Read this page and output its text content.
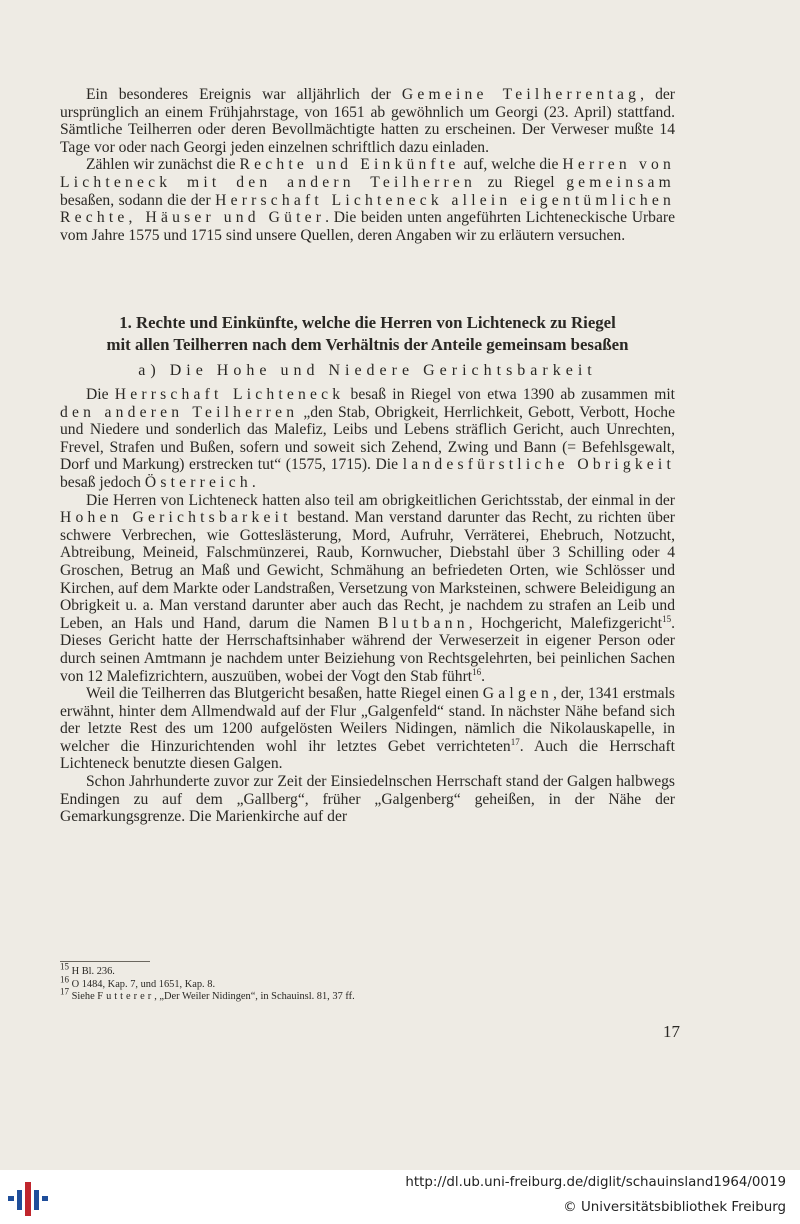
Ein besonderes Ereignis war alljährlich der Gemeine Teilherrentag, der ursprünglich an einem Frühjahrstage, von 1651 ab gewöhnlich um Georgi (23. April) stattfand. Sämtliche Teilherren oder deren Bevollmächtigte hatten zu erscheinen. Der Verweser mußte 14 Tage vor oder nach Georgi jeden einzelnen schriftlich dazu einladen.

Zählen wir zunächst die Rechte und Einkünfte auf, welche die Herren von Lichteneck mit den andern Teilherren zu Riegel gemeinsam besaßen, sodann die der Herrschaft Lichteneck allein eigentümlichen Rechte, Häuser und Güter. Die beiden unten angeführten Lichteneckische Urbare vom Jahre 1575 und 1715 sind unsere Quellen, deren Angaben wir zu erläutern versuchen.

1. Rechte und Einkünfte, welche die Herren von Lichteneck zu Riegel

mit allen Teilherren nach dem Verhältnis der Anteile gemeinsam besaßen

a) Die Hohe und Niedere Gerichtsbarkeit

Die Herrschaft Lichteneck besaß in Riegel von etwa 1390 ab zusammen mit den anderen Teilherren „den Stab, Obrigkeit, Herrlichkeit, Gebott, Verbott, Hoche und Niedere und sonderlich das Malefiz, Leibs und Lebens sträflich Gericht, auch Unrechten, Frevel, Strafen und Bußen, sofern und soweit sich Zehend, Zwing und Bann (= Befehlsgewalt, Dorf und Markung) erstrecken tut“ (1575, 1715). Die landesfürstliche Obrigkeit besaß jedoch Österreich.

Die Herren von Lichteneck hatten also teil am obrigkeitlichen Gerichtsstab, der einmal in der Hohen Gerichtsbarkeit bestand. Man verstand darunter das Recht, zu richten über schwere Verbrechen, wie Gotteslästerung, Mord, Aufruhr, Verräterei, Ehebruch, Notzucht, Abtreibung, Meineid, Falschmünzerei, Raub, Kornwucher, Diebstahl über 3 Schilling oder 4 Groschen, Betrug an Maß und Gewicht, Schmähung an befriedeten Orten, wie Schlösser und Kirchen, auf dem Markte oder Landstraßen, Versetzung von Marksteinen, schwere Beleidigung an Obrigkeit u. a. Man verstand darunter aber auch das Recht, je nachdem zu strafen an Leib und Leben, an Hals und Hand, darum die Namen Blutbann, Hochgericht, Malefizgericht$^{15}$. Dieses Gericht hatte der Herrschaftsinhaber während der Verweserzeit in eigener Person oder durch seinen Amtmann je nachdem unter Beiziehung von Rechtsgelehrten, bei peinlichen Sachen von 12 Malefizrichtern, auszuüben, wobei der Vogt den Stab führt$^{16}$.

Weil die Teilherren das Blutgericht besaßen, hatte Riegel einen Galgen, der, 1341 erstmals erwähnt, hinter dem Allmendwald auf der Flur „Galgenfeld“ stand. In nächster Nähe befand sich der letzte Rest des um 1200 aufgelösten Weilers Nidingen, nämlich die Nikolauskapelle, in welcher die Hinzurichtenden wohl ihr letztes Gebet verrichteten$^{17}$. Auch die Herrschaft Lichteneck benutzte diesen Galgen.

Schon Jahrhunderte zuvor zur Zeit der Einsiedelnschen Herrschaft stand der Galgen halbwegs Endingen zu auf dem „Gallberg“, früher „Galgenberg“ geheißen, in der Nähe der Gemarkungsgrenze. Die Marienkirche auf der

$^{15}$ H Bl. 236.

$^{16}$ O 1484, Kap. 7, und 1651, Kap. 8.

$^{17}$ Siehe Futterer, „Der Weiler Nidingen“, in Schauinsl. 81, 37 ff.

17
http://dl.ub.uni-freiburg.de/diglit/schauinsland1964/0019
© Universitätsbibliothek Freiburg
